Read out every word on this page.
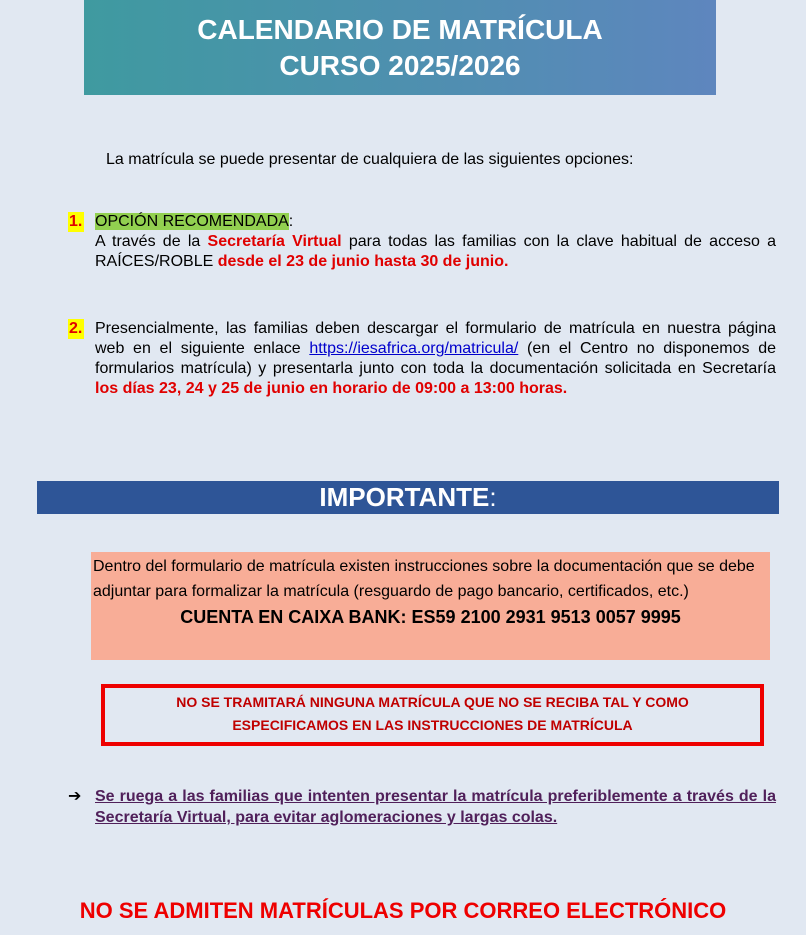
CALENDARIO DE MATRÍCULA
CURSO 2025/2026
La matrícula se puede presentar de cualquiera de las siguientes opciones:
1. OPCIÓN RECOMENDADA:
A través de la Secretaría Virtual para todas las familias con la clave habitual de acceso a RAÍCES/ROBLE desde el 23 de junio hasta 30 de junio.
2. Presencialmente, las familias deben descargar el formulario de matrícula en nuestra página web en el siguiente enlace https://iesafrica.org/matricula/ (en el Centro no disponemos de formularios matrícula) y presentarla junto con toda la documentación solicitada en Secretaría los días 23, 24 y 25 de junio en horario de 09:00 a 13:00 horas.
IMPORTANTE:
Dentro del formulario de matrícula existen instrucciones sobre la documentación que se debe adjuntar para formalizar la matrícula (resguardo de pago bancario, certificados, etc.)
CUENTA EN CAIXA BANK: ES59 2100 2931 9513 0057 9995
NO SE TRAMITARÁ NINGUNA MATRÍCULA QUE NO SE RECIBA TAL Y COMO
ESPECIFICAMOS EN LAS INSTRUCCIONES DE MATRÍCULA
➔ Se ruega a las familias que intenten presentar la matrícula preferiblemente a través de la Secretaría Virtual, para evitar aglomeraciones y largas colas.
NO SE ADMITEN MATRÍCULAS POR CORREO ELECTRÓNICO
